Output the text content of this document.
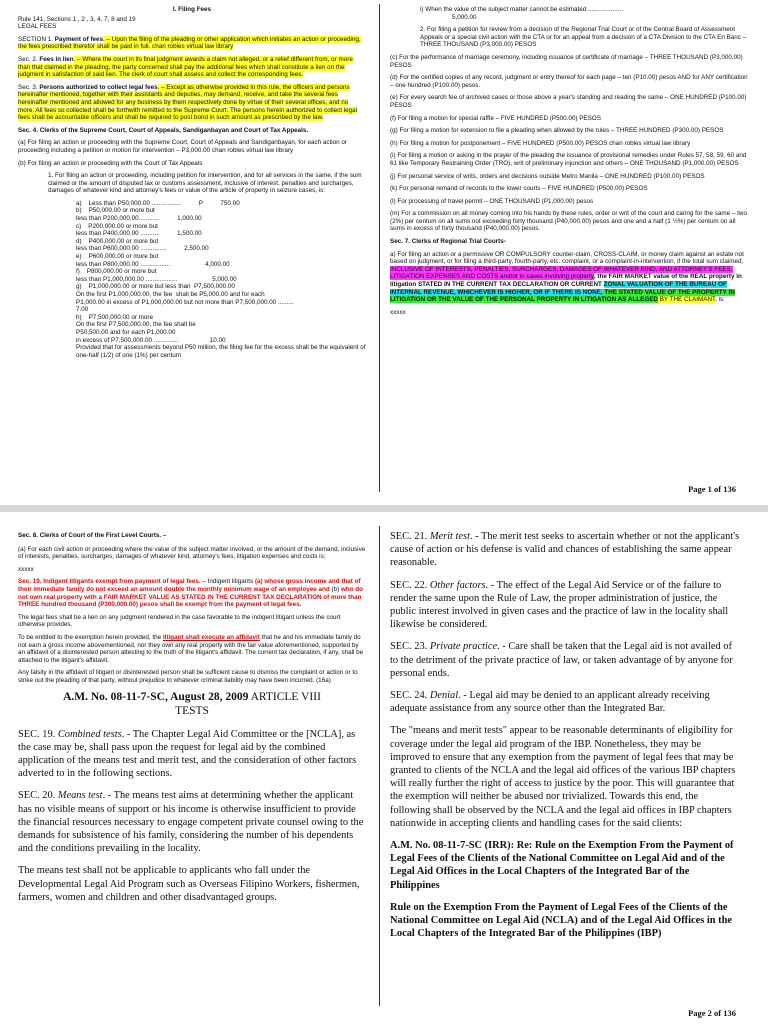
I. Filing Fees

Rule 141, Sections 1 , 2 , 3, 4, 7, 8 and 19

LEGAL FEES

SECTION 1. Payment of fees. – Upon the filing of the pleading or other application which initiates an action or proceeding, the fees prescribed therefor shall be paid in full. chan robles virtual law library

Sec. 2. Fees in lien. – Where the court in its final judgment awards a claim not alleged, or a relief different from, or more than that claimed in the pleading, the party concerned shall pay the additional fees which shall constitute a lien on the judgment in satisfaction of said lien. The clerk of court shall assess and collect the corresponding fees.

Sec. 3. Persons authorized to collect legal fees. – Except as otherwise provided in this rule, the officers and persons hereinafter mentioned, together with their assistants and deputies, may demand, receive, and take the several fees hereinafter mentioned and allowed for any business by them respectively done by virtue of their several offices, and no more. All fees so collected shall be forthwith remitted to the Supreme Court. The persons herein authorized to collect legal fees shall be accountable officers and shall be required to post bond in such amount as prescribed by the law.

Sec. 4. Clerks of the Supreme Court, Court of Appeals, Sandiganbayan and Court of Tax Appeals.

(a) For filing an action or proceeding with the Supreme Court, Court of Appeals and Sandiganbayan, for each action or proceeding including a petition or motion for intervention – P3,000.00 chan robles virtual law library

(b) For filing an action or proceeding with the Court of Tax Appeals

1. For filing an action or proceeding, including petition for intervention, and for all services in the same, if the sum claimed or the amount of disputed tax or customs assessment, inclusive of interest, penalties and surcharges, damages of whatever kind and attorney's fees or value of the article of property in seizure cases, is:

a)    Less than P50,000.00 .................          P          750.00
b)    P50,000.00 or more but
less than P200,000.00............          1,000.00
c)    P200,000.00 or more but
less than P400,000.00 ...........          1,500.00
d)    P400,000.00 or more but
less than P600,000.00 ...............          2,500.00
e)    P600,000.00 or more but
less than P800,000.00 .................                    4,000.00
f)    P800,000.00 or more but
less than P1,000,000.00 ..................                    5,000.00
g)    P1,000,000.00 or more but less than  P7,500,000.00
On the first P1,000,000.00, the fee  shall be P5,000.00 and for each
P1,000.00 in excess of P1,000,000.00 but not more than P7,500,000.00 .........
7.00
h)    P7,500,000.00 or more
On the first P7,500,000.00, the fee shall be
P50,500.00 and for each P1,000.00
in excess of P7,500,000.00 ..............                  10.00
Provided that for assessments beyond P50 million, the filing fee for the excess shall be the equivalent of one-half (1/2) of one (1%) per centum
i) When the value of the subject matter cannot be estimated ....................

5,000.00

2. For filing a petition for review from a decision of the Regional Trial Court or of the Central Board of Assessment Appeals or a special civil action with the CTA or for an appeal from a decision of a CTA Division to the CTA En Banc – THREE THOUSAND (P3,000.00) PESOS

(c) For the performance of marriage ceremony, including issuance of certificate of marriage – THREE THOUSAND (P3,000.00) PESOS

(d) For the certified copies of any record, judgment or entry thereof for each page – ten (P10.00) pesos AND for ANY certification – one hundred (P100.00) pesos.

(e) For every search fee of archived cases or those above a year's standing and reading the same – ONE HUNDRED (P100.00) PESOS

(f) For filing a motion for special raffle – FIVE HUNDRED (P500.00) PESOS

(g) For filing a motion for extension to file a pleading when allowed by the rules – THREE HUNDRED (P300.00) PESOS

(h) For filing a motion for postponement – FIVE HUNDRED (P500.00) PESOS chan robles virtual law library

(i) For filing a motion or asking in the prayer of the pleading the issuance of provisional remedies under Rules 57, 58, 59, 60 and 61 like Temporary Restraining Order (TRO), writ of preliminary injunction and others – ONE THOUSAND (P1,000.00) PESOS

(j) For personal service of writs, orders and decisions outside Metro Manila – ONE HUNDRED (P100.00) PESOS

(k) For personal remand of records to the lower courts – FIVE HUNDRED (P500.00) PESOS

(l) For processing of travel permit – ONE THOUSAND (P1,000.00) pesos

(m) For a commission on all money coming into his hands by these rules, order or writ of the court and caring for the same – two (2%) per centum on all sums not exceeding forty thousand (P40,000.00) pesos and one and a half (1 ½%) per centum on all sums in excess of forty thousand (P40,000.00) pesos.

Sec. 7. Clerks of Regional Trial Courts-

a) For filing an action or a permissive OR COMPULSORY counter-claim, CROSS-CLAIM, or money claim against an estate not based on judgment, or for filing a third-party, fourth-party, etc. complaint, or a complaint-in-intervention, if the total sum claimed, INCLUSIVE OF INTERESTS, PENALTIES, SURCHARGES, DAMAGES OF WHATEVER KIND, AND ATTORNEY'S FEES, LITIGATION EXPENSES AND COSTS and/or in cases involving property, the FAIR MARKET value of the REAL property in litigation STATED IN THE CURRENT TAX DECLARATION OR CURRENT ZONAL VALUATION OF THE BUREAU OF INTERNAL REVENUE, WHICHEVER IS HIGHER, OR IF THERE IS NONE, THE STATED VALUE OF THE PROPERTY IN LITIGATION OR THE VALUE OF THE PERSONAL PROPERTY IN LITIGATION AS ALLEGED BY THE CLAIMANT, is:

xxxxx

Page 1 of 136

Sec. 8. Clerks of Court of the First Level Courts. –

(a) For each civil action or proceeding where the value of the subject matter involved, or the amount of the demand, inclusive of interests, penalties, surcharges, damages of whatever kind, attorney's fees, litigation expenses and costs is:

xxxxx

Sec. 19. Indigent litigants exempt from payment of legal fees. – Indigent litigants (a) whose gross income and that of their immediate family do not exceed an amount double the monthly minimum wage of an employee and (b) who do not own real property with a FAIR MARKET VALUE AS STATED IN THE CURRENT TAX DECLARATION of more than THREE hundred thousand (P300,000.00) pesos shall be exempt from the payment of legal fees.

The legal fees shall be a lien on any judgment rendered in the case favorable to the indigent litigant unless the court otherwise provides.

To be entitled to the exemption herein provided, the litigant shall execute an affidavit that he and his immediate family do not earn a gross income abovementioned, nor they own any real property with the fair value aforementioned, supported by an affidavit of a disinterested person attesting to the truth of the litigant's affidavit. The current tax declaration, if any, shall be attached to the litigant's affidavit.

Any falsity in the affidavit of litigant or disinterested person shall be sufficient cause to dismiss the complaint or action or to strike out the pleading of that party, without prejudice to whatever criminal liability may have been incurred. (16a)

A.M. No. 08-11-7-SC, August 28, 2009 ARTICLE VIII
TESTS

SEC. 19. Combined tests. - The Chapter Legal Aid Committee or the [NCLA], as the case may be, shall pass upon the request for legal aid by the combined application of the means test and merit test, and the consideration of other factors adverted to in the following sections.

SEC. 20. Means test. - The means test aims at determining whether the applicant has no visible means of support or his income is otherwise insufficient to provide the financial resources necessary to engage competent private counsel owing to the demands for subsistence of his family, considering the number of his dependents and the conditions prevailing in the locality.

The means test shall not be applicable to applicants who fall under the Developmental Legal Aid Program such as Overseas Filipino Workers, fishermen, farmers, women and children and other disadvantaged groups.

SEC. 21. Merit test. - The merit test seeks to ascertain whether or not the applicant's cause of action or his defense is valid and chances of establishing the same appear reasonable.

SEC. 22. Other factors. - The effect of the Legal Aid Service or of the failure to render the same upon the Rule of Law, the proper administration of justice, the public interest involved in given cases and the practice of law in the locality shall likewise be considered.

SEC. 23. Private practice. - Care shall be taken that the Legal aid is not availed of to the detriment of the private practice of law, or taken advantage of by anyone for personal ends.

SEC. 24. Denial. - Legal aid may be denied to an applicant already receiving adequate assistance from any source other than the Integrated Bar.

The "means and merit tests" appear to be reasonable determinants of eligibility for coverage under the legal aid program of the IBP. Nonetheless, they may be improved to ensure that any exemption from the payment of legal fees that may be granted to clients of the NCLA and the legal aid offices of the various IBP chapters will really further the right of access to justice by the poor. This will guarantee that the exemption will neither be abused nor trivialized. Towards this end, the following shall be observed by the NCLA and the legal aid offices in IBP chapters nationwide in accepting clients and handling cases for the said clients:

A.M. No. 08-11-7-SC (IRR): Re: Rule on the Exemption From the Payment of Legal Fees of the Clients of the National Committee on Legal Aid and of the Legal Aid Offices in the Local Chapters of the Integrated Bar of the Philippines

Rule on the Exemption From the Payment of Legal Fees of the Clients of the National Committee on Legal Aid (NCLA) and of the Legal Aid Offices in the Local Chapters of the Integrated Bar of the Philippines (IBP)

Page 2 of 136
